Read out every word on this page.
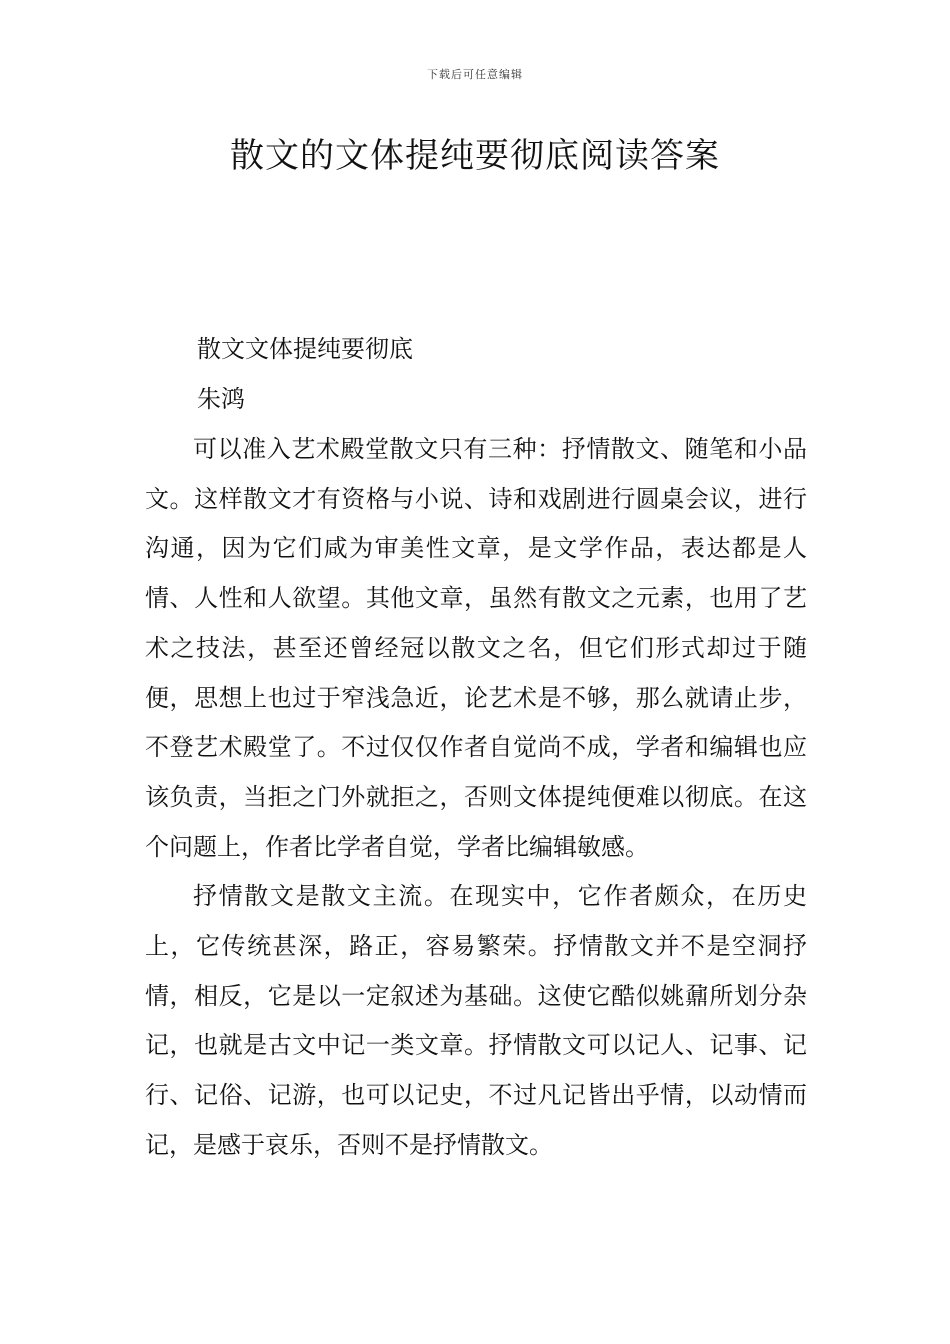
下载后可任意编辑
散文的文体提纯要彻底阅读答案
散文文体提纯要彻底
朱鸿

可以准入艺术殿堂散文只有三种：抒情散文、随笔和小品文。这样散文才有资格与小说、诗和戏剧进行圆桌会议，进行沟通，因为它们咸为审美性文章，是文学作品，表达都是人情、人性和人欲望。其他文章，虽然有散文之元素，也用了艺术之技法，甚至还曾经冠以散文之名，但它们形式却过于随便，思想上也过于窄浅急近，论艺术是不够，那么就请止步，不登艺术殿堂了。不过仅仅作者自觉尚不成，学者和编辑也应该负责，当拒之门外就拒之，否则文体提纯便难以彻底。在这个问题上，作者比学者自觉，学者比编辑敏感。

抒情散文是散文主流。在现实中，它作者颇众，在历史上，它传统甚深，路正，容易繁荣。抒情散文并不是空洞抒情，相反，它是以一定叙述为基础。这使它酷似姚鼐所划分杂记，也就是古文中记一类文章。抒情散文可以记人、记事、记行、记俗、记游，也可以记史，不过凡记皆出乎情，以动情而记，是感于哀乐，否则不是抒情散文。
